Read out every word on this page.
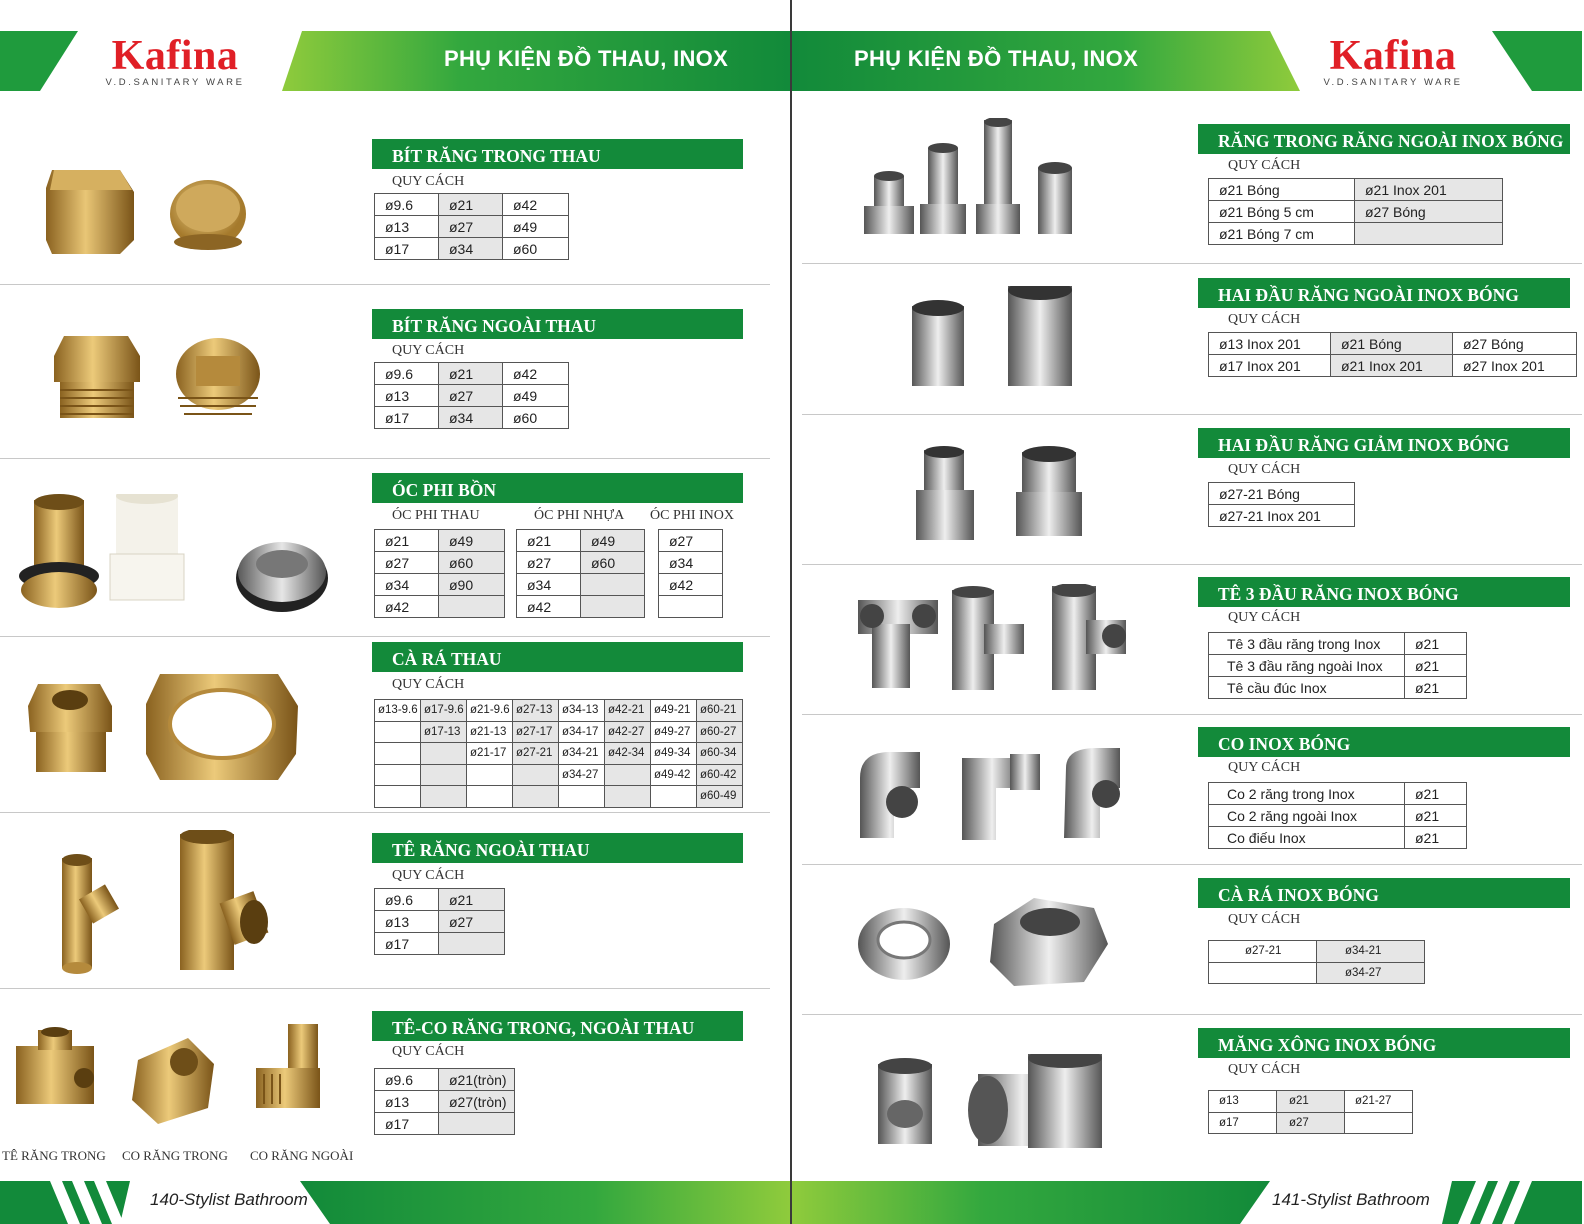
Kafina
V.D.SANITARY WARE
PHỤ KIỆN ĐỒ THAU, INOX
BÍT RĂNG TRONG THAU
QUY CÁCH
ø9.6	ø21	ø42
ø13	ø27	ø49
ø17	ø34	ø60
BÍT RĂNG NGOÀI THAU
QUY CÁCH
ø9.6	ø21	ø42
ø13	ø27	ø49
ø17	ø34	ø60
ÓC PHI BỒN
ÓC PHI THAU	ÓC PHI NHỰA ÓC PHI INOX
ø21	ø49
ø27	ø60
ø34	ø90
ø42	
ø21	ø49
ø27	ø60
ø34	
ø42	
ø27
ø34
ø42

CÀ RÁ THAU
QUY CÁCH
ø13-9.6	ø17-9.6	ø21-9.6	ø27-13	ø34-13	ø42-21	ø49-21	ø60-21
	ø17-13	ø21-13	ø27-17	ø34-17	ø42-27	ø49-27	ø60-27
		ø21-17	ø27-21	ø34-21	ø42-34	ø49-34	ø60-34
				ø34-27		ø49-42	ø60-42
							ø60-49
TÊ RĂNG NGOÀI THAU
QUY CÁCH
ø9.6	ø21
ø13	ø27
ø17	
TÊ-CO RĂNG TRONG, NGOÀI THAU
QUY CÁCH
ø9.6	ø21(tròn)
ø13	ø27(tròn)
ø17	
TÊ RĂNG TRONG CO RĂNG TRONG CO RĂNG NGOÀI
140-Stylist Bathroom
PHỤ KIỆN ĐỒ THAU, INOX	Kafina
V.D.SANITARY WARE
RĂNG TRONG RĂNG NGOÀI INOX BÓNG
QUY CÁCH
ø21 Bóng	ø21 Inox 201
ø21 Bóng 5 cm	ø27 Bóng
ø21 Bóng 7 cm	
HAI ĐẦU RĂNG NGOÀI INOX BÓNG
QUY CÁCH
ø13 Inox 201	ø21 Bóng	ø27 Bóng
ø17 Inox 201	ø21 Inox 201	ø27 Inox 201
HAI ĐẦU RĂNG GIẢM INOX BÓNG
QUY CÁCH
ø27-21 Bóng
ø27-21 Inox 201
TÊ 3 ĐẦU RĂNG INOX BÓNG
QUY CÁCH
Tê 3 đầu răng trong Inox	ø21
Tê 3 đầu răng ngoài Inox	ø21
Tê cầu đúc Inox	ø21
CO INOX BÓNG
QUY CÁCH
Co 2 răng trong Inox	ø21
Co 2 răng ngoài Inox	ø21
Co điếu Inox	ø21
CÀ RÁ INOX BÓNG
QUY CÁCH
ø27-21	ø34-21
	ø34-27
MĂNG XÔNG INOX BÓNG
QUY CÁCH
ø13	ø21	ø21-27
ø17	ø27	
141-Stylist Bathroom
